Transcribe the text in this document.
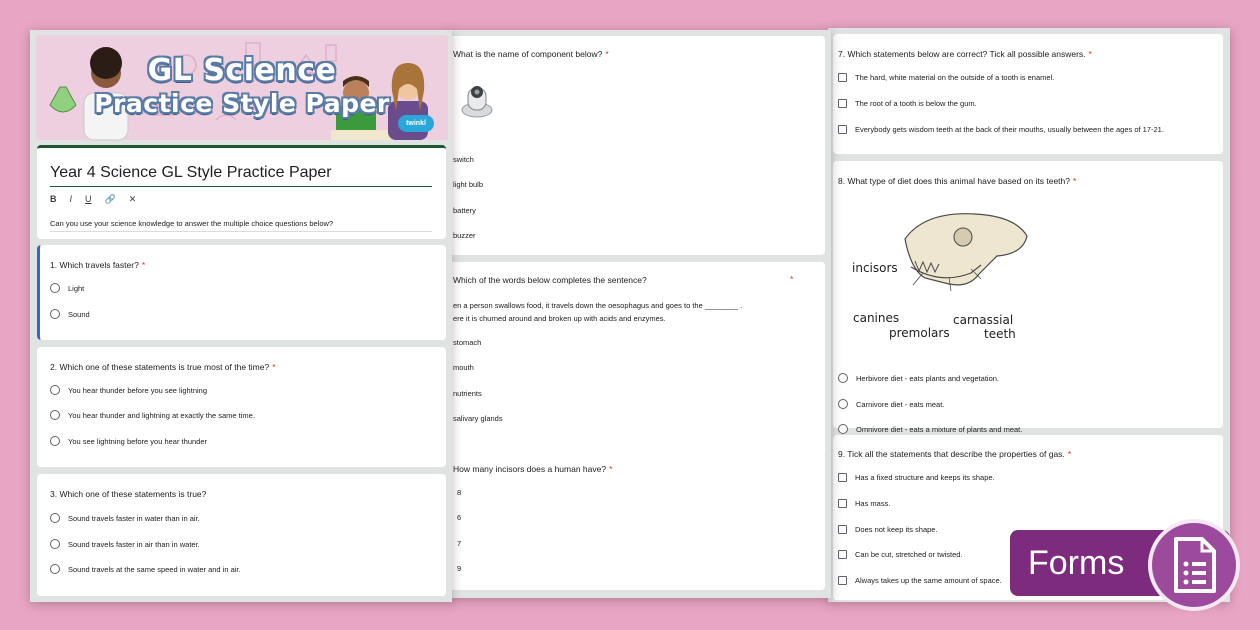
GL Science
Practice Style Paper
twinkl
Year 4 Science GL Style Practice Paper
B I U 🔗 ✕
Can you use your science knowledge to answer the multiple choice questions below?
1. Which travels faster? *
Light
Sound
2. Which one of these statements is true most of the time? *
You hear thunder before you see lightning
You hear thunder and lightning at exactly the same time.
You see lightning before you hear thunder
3. Which one of these statements is true?
Sound travels faster in water than in air.
Sound travels faster in air than in water.
Sound travels at the same speed in water and in air.
What is the name of component below? *
switch
light bulb
battery
buzzer
Which of the words below completes the sentence?	*
en a person swallows food, it travels down the oesophagus and goes to the ________ .
ere it is churned around and broken up with acids and enzymes.
stomach
mouth
nutrients
salivary glands
How many incisors does a human have? *
8
6
7
9
7. Which statements below are correct? Tick all possible answers. *
The hard, white material on the outside of a tooth is enamel.
The root of a tooth is below the gum.
Everybody gets wisdom teeth at the back of their mouths, usually between the ages of 17-21.
8. What type of diet does this animal have based on its teeth? *
incisors
canines
premolars
carnassial
teeth
Herbivore diet - eats plants and vegetation.
Carnivore diet - eats meat.
Omnivore diet - eats a mixture of plants and meat.
9. Tick all the statements that describe the properties of gas. *
Has a fixed structure and keeps its shape.
Has mass.
Does not keep its shape.
Can be cut, stretched or twisted.
Always takes up the same amount of space. Forms
